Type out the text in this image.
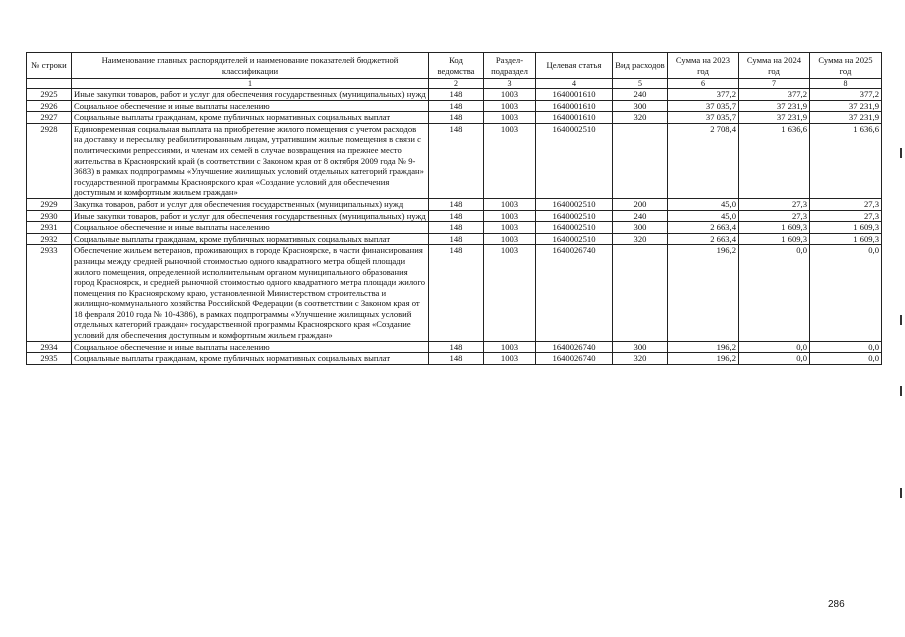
№ строки	Наименование главных распорядителей и наименование показателей бюджетной классификации	Код ведомства	Раздел-подраздел	Целевая статья	Вид расходов	Сумма на 2023 год	Сумма на 2024 год	Сумма на 2025 год
	1	2	3	4	5	6	7	8
2925	Иные закупки товаров, работ и услуг для обеспечения государственных (муниципальных) нужд	148	1003	1640001610	240	377,2	377,2	377,2
2926	Социальное обеспечение и иные выплаты населению	148	1003	1640001610	300	37 035,7	37 231,9	37 231,9
2927	Социальные выплаты гражданам, кроме публичных нормативных социальных выплат	148	1003	1640001610	320	37 035,7	37 231,9	37 231,9
2928	Единовременная социальная выплата на приобретение жилого помещения с учетом расходов на доставку и пересылку реабилитированным лицам, утратившим жилые помещения в связи с политическими репрессиями, и членам их семей в случае возвращения на прежнее место жительства в Красноярский край (в соответствии с Законом края от 8 октября 2009 года № 9-3683) в рамках подпрограммы «Улучшение жилищных условий отдельных категорий граждан» государственной программы Красноярского края «Создание условий для обеспечения доступным и комфортным жильем граждан»	148	1003	1640002510		2 708,4	1 636,6	1 636,6
2929	Закупка товаров, работ и услуг для обеспечения государственных (муниципальных) нужд	148	1003	1640002510	200	45,0	27,3	27,3
2930	Иные закупки товаров, работ и услуг для обеспечения государственных (муниципальных) нужд	148	1003	1640002510	240	45,0	27,3	27,3
2931	Социальное обеспечение и иные выплаты населению	148	1003	1640002510	300	2 663,4	1 609,3	1 609,3
2932	Социальные выплаты гражданам, кроме публичных нормативных социальных выплат	148	1003	1640002510	320	2 663,4	1 609,3	1 609,3
2933	Обеспечение жильем ветеранов, проживающих в городе Красноярске, в части финансирования разницы между средней рыночной стоимостью одного квадратного метра общей площади жилого помещения, определенной исполнительным органом муниципального образования город Красноярск, и средней рыночной стоимостью одного квадратного метра площади жилого помещения по Красноярскому краю, установленной Министерством строительства и жилищно-коммунального хозяйства Российской Федерации (в соответствии с Законом края от 18 февраля 2010 года № 10-4386), в рамках подпрограммы «Улучшение жилищных условий отдельных категорий граждан» государственной программы Красноярского края «Создание условий для обеспечения доступным и комфортным жильем граждан»	148	1003	1640026740		196,2	0,0	0,0
2934	Социальное обеспечение и иные выплаты населению	148	1003	1640026740	300	196,2	0,0	0,0
2935	Социальные выплаты гражданам, кроме публичных нормативных социальных выплат	148	1003	1640026740	320	196,2	0,0	0,0
286
